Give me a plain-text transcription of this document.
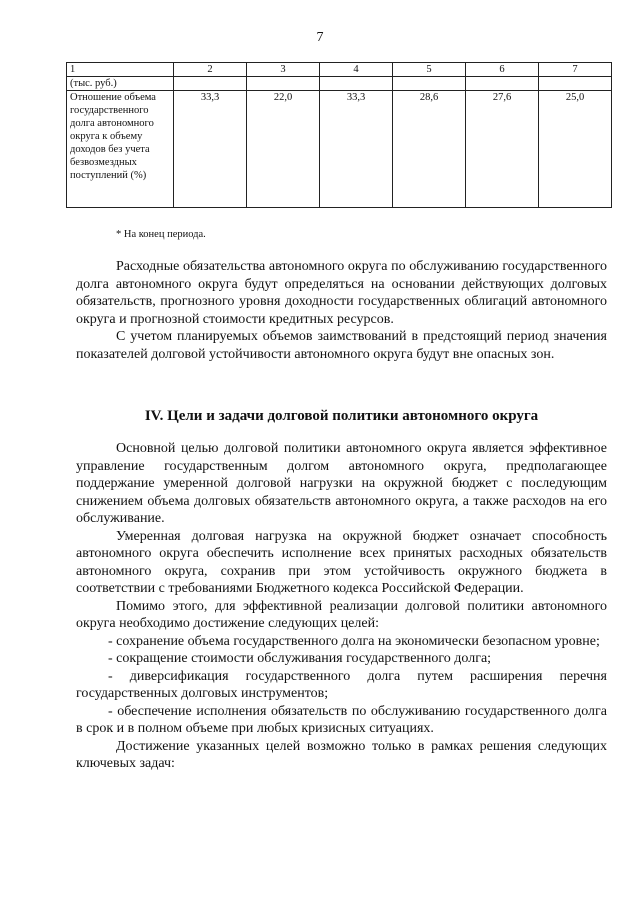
7
1	2	3	4	5	6	7
(тыс. руб.)						
Отношение объема государственного долга автономного округа к объему доходов без учета безвозмездных поступлений (%)	33,3	22,0	33,3	28,6	27,6	25,0
* На конец периода.

Расходные обязательства автономного округа по обслуживанию государственного долга автономного округа будут определяться на основании действующих долговых обязательств, прогнозного уровня доходности государственных облигаций автономного округа и прогнозной стоимости кредитных ресурсов.

С учетом планируемых объемов заимствований в предстоящий период значения показателей долговой устойчивости автономного округа будут вне опасных зон.

IV. Цели и задачи долговой политики автономного округа

Основной целью долговой политики автономного округа является эффективное управление государственным долгом автономного округа, предполагающее поддержание умеренной долговой нагрузки на окружной бюджет с последующим снижением объема долговых обязательств автономного округа, а также расходов на его обслуживание.

Умеренная долговая нагрузка на окружной бюджет означает способность автономного округа обеспечить исполнение всех принятых расходных обязательств автономного округа, сохранив при этом устойчивость окружного бюджета в соответствии с требованиями Бюджетного кодекса Российской Федерации.

Помимо этого, для эффективной реализации долговой политики автономного округа необходимо достижение следующих целей:

- сохранение объема государственного долга на экономически безопасном уровне;

- сокращение стоимости обслуживания государственного долга;

- диверсификация государственного долга путем расширения перечня государственных долговых инструментов;

- обеспечение исполнения обязательств по обслуживанию государственного долга в срок и в полном объеме при любых кризисных ситуациях.

Достижение указанных целей возможно только в рамках решения следующих ключевых задач:
